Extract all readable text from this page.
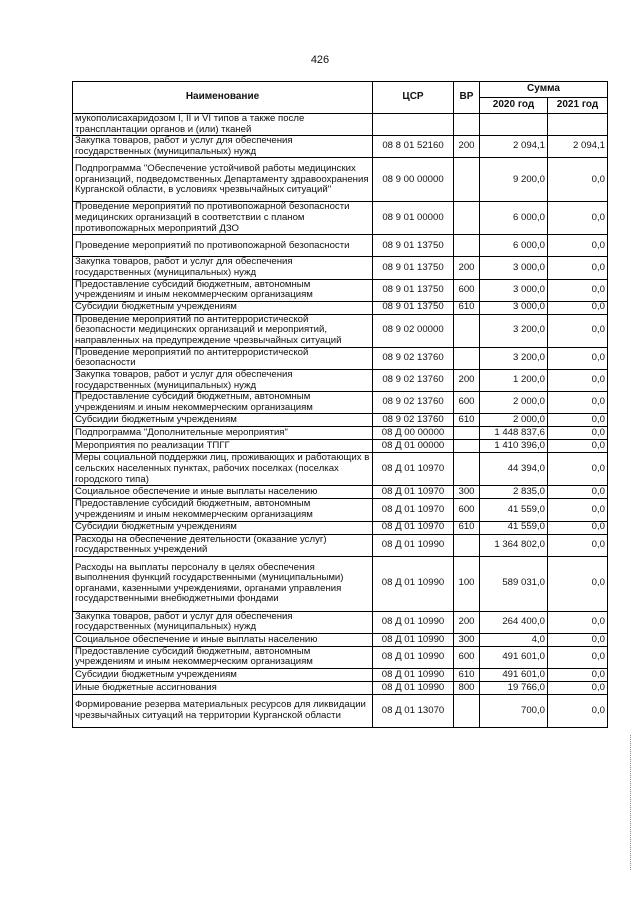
426
Наименование	ЦСР	ВР	Сумма	
			2020 год	2021 год
мукополисахаридозом I, II и VI типов а также после трансплантации органов и (или) тканей				
Закупка товаров, работ и услуг для обеспечения государственных (муниципальных) нужд	08 8 01 52160	200	2 094,1	2 094,1
Подпрограмма "Обеспечение устойчивой работы медицинских организаций, подведомственных Департаменту здравоохранения Курганской области, в условиях чрезвычайных ситуаций"	08 9 00 00000		9 200,0	0,0
Проведение мероприятий по противопожарной безопасности медицинских организаций в соответствии с планом противопожарных мероприятий ДЗО	08 9 01 00000		6 000,0	0,0
Проведение мероприятий по противопожарной безопасности	08 9 01 13750		6 000,0	0,0
Закупка товаров, работ и услуг для обеспечения государственных (муниципальных) нужд	08 9 01 13750	200	3 000,0	0,0
Предоставление субсидий бюджетным, автономным учреждениям и иным некоммерческим организациям	08 9 01 13750	600	3 000,0	0,0
Субсидии бюджетным учреждениям	08 9 01 13750	610	3 000,0	0,0
Проведение мероприятий по антитеррористической безопасности медицинских организаций и мероприятий, направленных на предупреждение чрезвычайных ситуаций	08 9 02 00000		3 200,0	0,0
Проведение мероприятий по антитеррористической безопасности	08 9 02 13760		3 200,0	0,0
Закупка товаров, работ и услуг для обеспечения государственных (муниципальных) нужд	08 9 02 13760	200	1 200,0	0,0
Предоставление субсидий бюджетным, автономным учреждениям и иным некоммерческим организациям	08 9 02 13760	600	2 000,0	0,0
Субсидии бюджетным учреждениям	08 9 02 13760	610	2 000,0	0,0
Подпрограмма "Дополнительные мероприятия"	08 Д 00 00000		1 448 837,6	0,0
Мероприятия по реализации ТПГГ	08 Д 01 00000		1 410 396,0	0,0
Меры социальной поддержки лиц, проживающих и работающих в сельских населенных пунктах, рабочих поселках (поселках городского типа)	08 Д 01 10970		44 394,0	0,0
Социальное обеспечение и иные выплаты населению	08 Д 01 10970	300	2 835,0	0,0
Предоставление субсидий бюджетным, автономным учреждениям и иным некоммерческим организациям	08 Д 01 10970	600	41 559,0	0,0
Субсидии бюджетным учреждениям	08 Д 01 10970	610	41 559,0	0,0
Расходы на обеспечение деятельности (оказание услуг) государственных учреждений	08 Д 01 10990		1 364 802,0	0,0
Расходы на выплаты персоналу в целях обеспечения выполнения функций государственными (муниципальными) органами, казенными учреждениями, органами управления государственными внебюджетными фондами	08 Д 01 10990	100	589 031,0	0,0
Закупка товаров, работ и услуг для обеспечения государственных (муниципальных) нужд	08 Д 01 10990	200	264 400,0	0,0
Социальное обеспечение и иные выплаты населению	08 Д 01 10990	300	4,0	0,0
Предоставление субсидий бюджетным, автономным учреждениям и иным некоммерческим организациям	08 Д 01 10990	600	491 601,0	0,0
Субсидии бюджетным учреждениям	08 Д 01 10990	610	491 601,0	0,0
Иные бюджетные ассигнования	08 Д 01 10990	800	19 766,0	0,0
Формирование резерва материальных ресурсов для ликвидации чрезвычайных ситуаций на территории Курганской области	08 Д 01 13070		700,0	0,0
